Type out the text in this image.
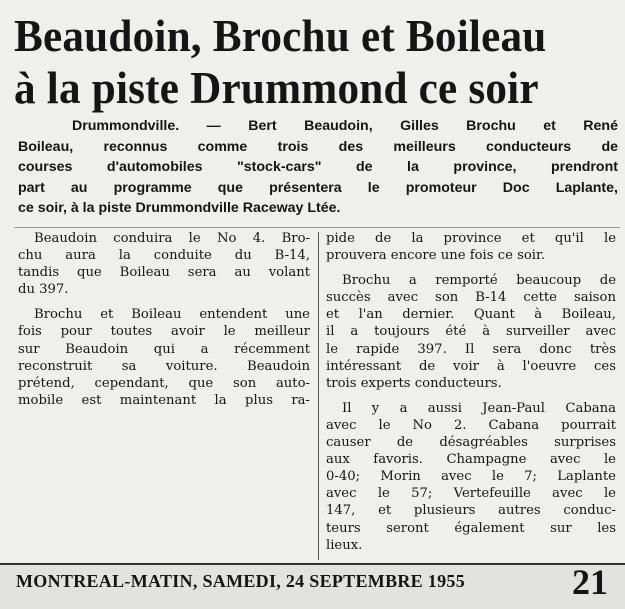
Beaudoin, Brochu et Boileau
à la piste Drummond ce soir
Drummondville. — Bert Beaudoin, Gilles Brochu et René
Boileau, reconnus comme trois des meilleurs conducteurs de
courses d'automobiles "stock-cars" de la province, prendront
part au programme que présentera le promoteur Doc Laplante,
ce soir, à la piste Drummondville Raceway Ltée.
Beaudoin conduira le No 4. Bro-
chu aura la conduite du B-14,
tandis que Boileau sera au volant
du 397.
Brochu et Boileau entendent une
fois pour toutes avoir le meilleur
sur Beaudoin qui a récemment
reconstruit sa voiture. Beaudoin
prétend, cependant, que son auto-
mobile est maintenant la plus ra-
pide de la province et qu'il le
prouvera encore une fois ce soir.
Brochu a remporté beaucoup de
succès avec son B-14 cette saison
et l'an dernier. Quant à Boileau,
il a toujours été à surveiller avec
le rapide 397. Il sera donc très
intéressant de voir à l'oeuvre ces
trois experts conducteurs.
Il y a aussi Jean-Paul Cabana
avec le No 2. Cabana pourrait
causer de désagréables surprises
aux favoris. Champagne avec le
0-40; Morin avec le 7; Laplante
avec le 57; Vertefeuille avec le
147, et plusieurs autres conduc-
teurs seront également sur les
lieux.
MONTREAL-MATIN, SAMEDI, 24 SEPTEMBRE 1955	21
